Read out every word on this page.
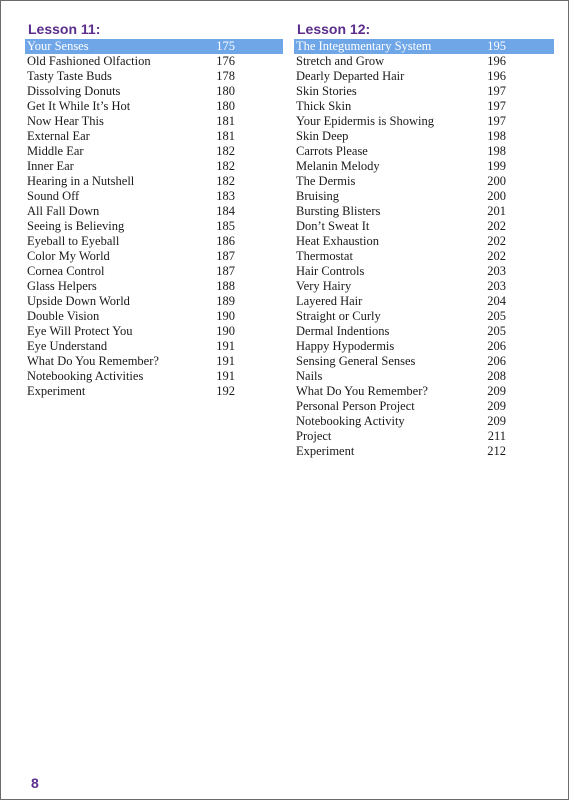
Lesson 11:
Your Senses	175
Old Fashioned Olfaction	176
Tasty Taste Buds	178
Dissolving Donuts	180
Get It While It’s Hot	180
Now Hear This	181
External Ear	181
Middle Ear	182
Inner Ear	182
Hearing in a Nutshell	182
Sound Off	183
All Fall Down	184
Seeing is Believing	185
Eyeball to Eyeball	186
Color My World	187
Cornea Control	187
Glass Helpers	188
Upside Down World	189
Double Vision	190
Eye Will Protect You	190
Eye Understand	191
What Do You Remember?	191
Notebooking Activities	191
Experiment	192
Lesson 12:
The Integumentary System	195
Stretch and Grow	196
Dearly Departed Hair	196
Skin Stories	197
Thick Skin	197
Your Epidermis is Showing	197
Skin Deep	198
Carrots Please	198
Melanin Melody	199
The Dermis	200
Bruising	200
Bursting Blisters	201
Don’t Sweat It	202
Heat Exhaustion	202
Thermostat	202
Hair Controls	203
Very Hairy	203
Layered Hair	204
Straight or Curly	205
Dermal Indentions	205
Happy Hypodermis	206
Sensing General Senses	206
Nails	208
What Do You Remember?	209
Personal Person Project	209
Notebooking Activity	209
Project	211
Experiment	212
8
